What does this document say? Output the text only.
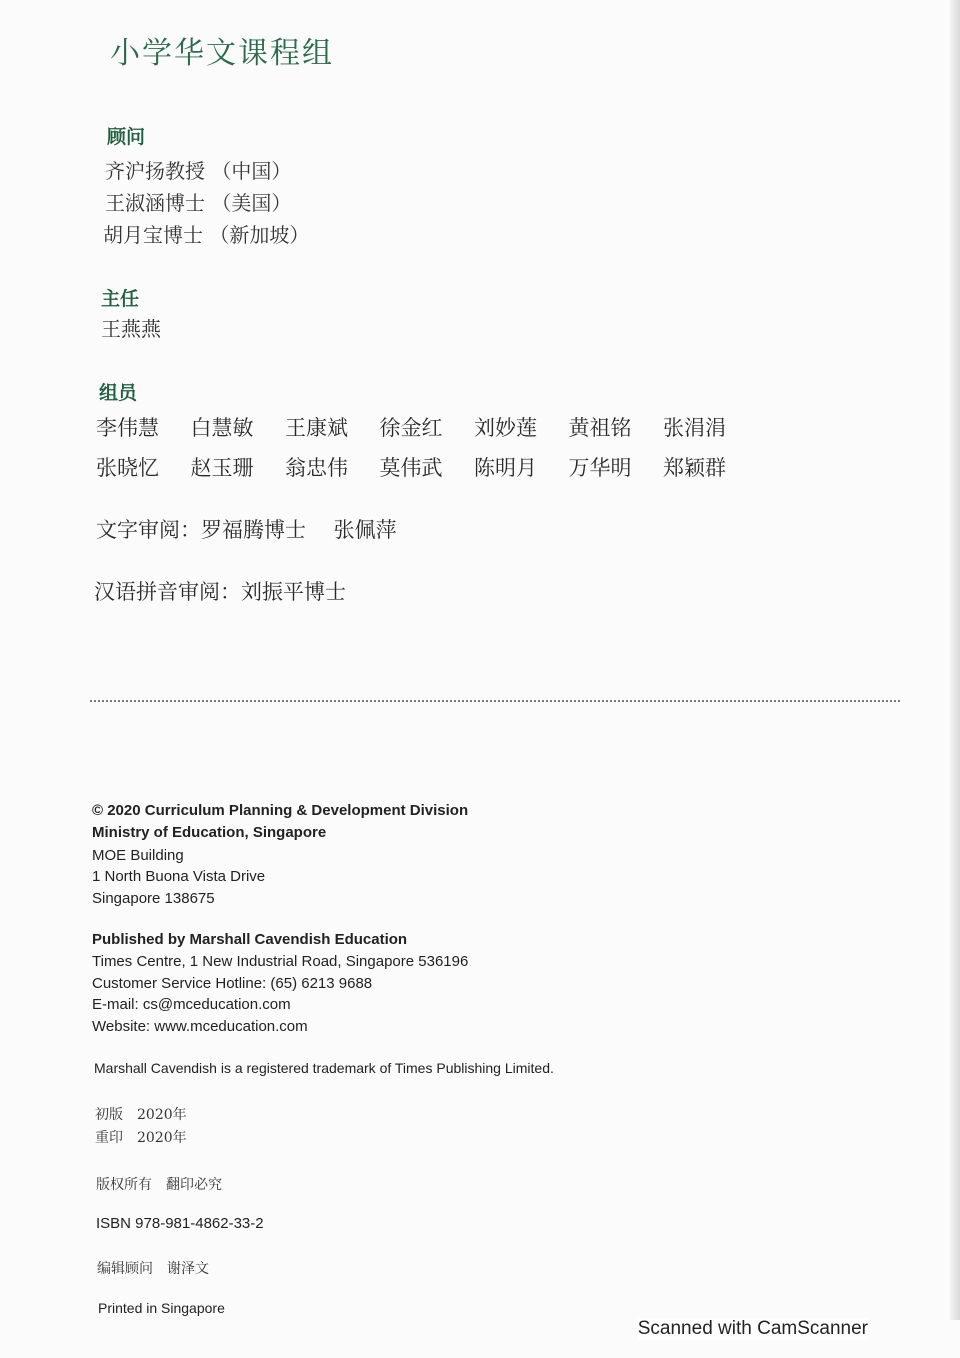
小学华文课程组
顾问
齐沪扬教授 （中国）
王淑涵博士 （美国）
胡月宝博士 （新加坡）
主任
王燕燕
组员
李伟慧 白慧敏 王康斌 徐金红 刘妙莲 黄祖铭 张涓涓
张晓忆 赵玉珊 翁忠伟 莫伟武 陈明月 万华明 郑颖群
文字审阅：罗福腾博士　 张佩萍
汉语拼音审阅：刘振平博士
© 2020 Curriculum Planning & Development Division
Ministry of Education, Singapore
MOE Building
1 North Buona Vista Drive
Singapore 138675
Published by Marshall Cavendish Education
Times Centre, 1 New Industrial Road, Singapore 536196
Customer Service Hotline: (65) 6213 9688
E-mail: cs@mceducation.com
Website: www.mceducation.com
Marshall Cavendish is a registered trademark of Times Publishing Limited.
初版　2020年
重印　2020年
版权所有　翻印必究
ISBN 978-981-4862-33-2
编辑顾问　谢泽文
Printed in Singapore
Scanned with CamScanner
